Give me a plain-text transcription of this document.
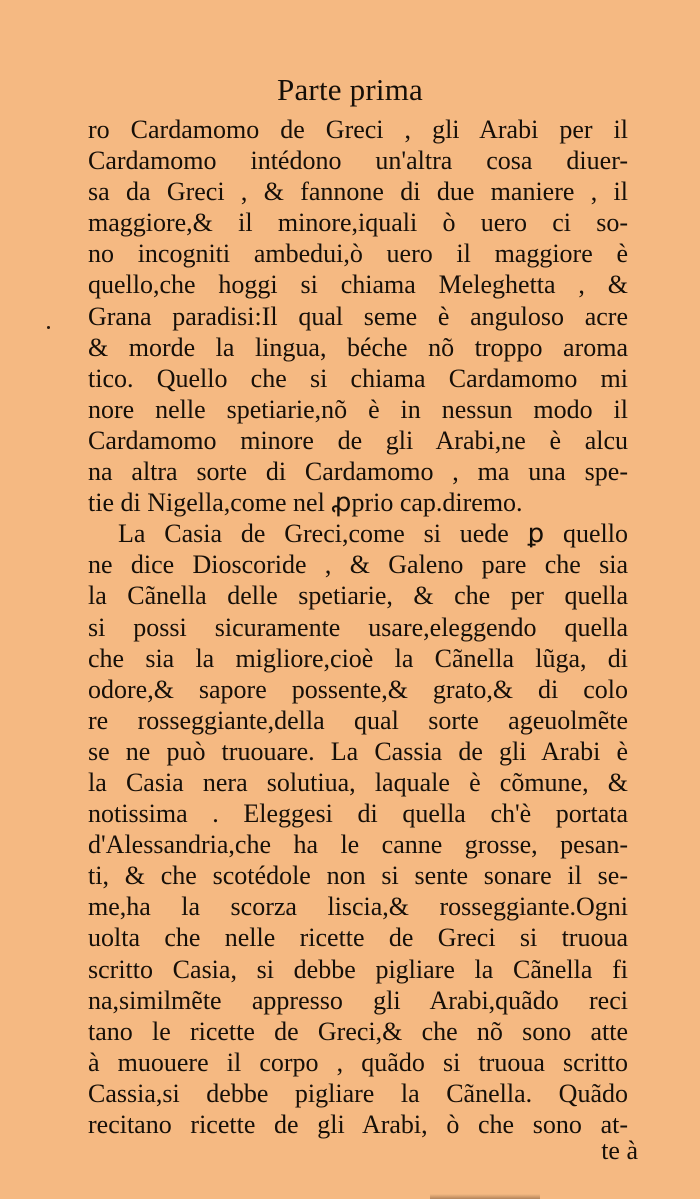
Parte prima
ro Cardamomo de Greci , gli Arabi per il
Cardamomo intédono un'altra cosa diuer-
sa da Greci , & fannone di due maniere , il
maggiore,& il minore,iquali ò uero ci so-
no incogniti ambedui,ò uero il maggiore è
quello,che hoggi si chiama Meleghetta , &
Grana paradisi:Il qual seme è angulosо acre
& morde la lingua, béche nõ troppo aroma
tico. Quello che si chiama Cardamomo mi
nore nelle spetiarie,nõ è in nessun modo il
Cardamomo minore de gli Arabi,ne è alcu
na altra sorte di Cardamomo , ma una spe-
tie di Nigella,come nel ꝓprio cap.diremo.
La Casia de Greci,come si uede ꝑ quello
ne dice Dioscoride , & Galeno pare che sia
la Cãnella delle spetiarie, & che per quella
si possi sicuramente usare,eleggendo quella
che sia la migliore,cioè la Cãnella lũga, di
odore,& sapore possente,& grato,& di colo
re rosseggiante,della qual sorte ageuolmẽte
se ne può truouare. La Cassia de gli Arabi è
la Casia nera solutiua, laquale è cõmune, &
notissima . Eleggesi di quella ch'è portata
d'Alessandria,che ha le canne grosse, pesan-
ti, & che scotédole non si sente sonare il se-
me,ha la scorza liscia,& rosseggiante.Ogni
uolta che nelle ricette de Greci si truoua
scritto Casia, si debbe pigliare la Cãnella fi
na,similmẽte appresso gli Arabi,quãdo reci
tano le ricette de Greci,& che nõ sono atte
à muouere il corpo , quãdo si truoua scritto
Cassia,si debbe pigliare la Cãnella. Quãdo
recitano ricette de gli Arabi, ò che sono at-
te à
